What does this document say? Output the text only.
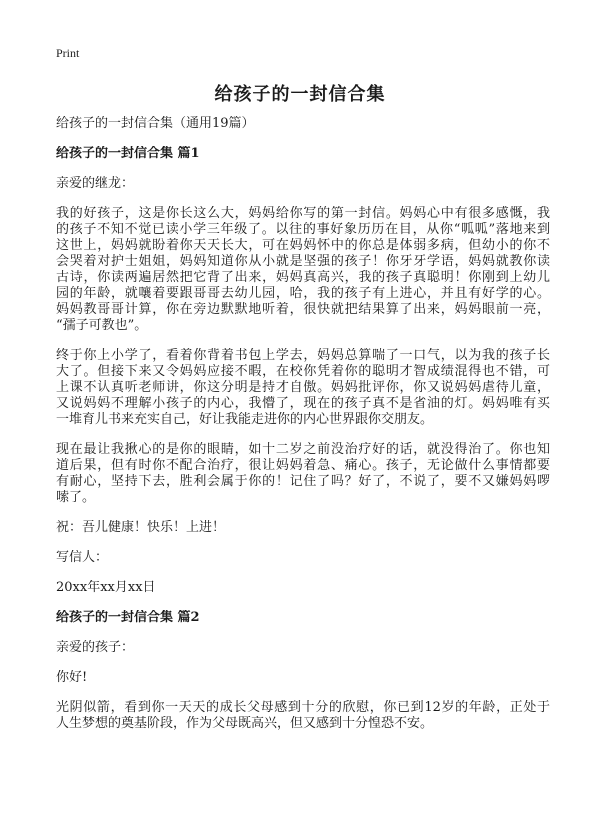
Print
给孩子的一封信合集

给孩子的一封信合集（通用19篇）

给孩子的一封信合集 篇1

亲爱的继龙：

我的好孩子，这是你长这么大，妈妈给你写的第一封信。妈妈心中有很多感慨，我

的孩子不知不觉已读小学三年级了。以往的事好象历历在目，从你“呱呱”落地来到

这世上，妈妈就盼着你天天长大，可在妈妈怀中的你总是体弱多病，但幼小的你不

会哭着对护士姐姐，妈妈知道你从小就是坚强的孩子！你牙牙学语，妈妈就教你读

古诗，你读两遍居然把它背了出来，妈妈真高兴，我的孩子真聪明！你刚到上幼儿

园的年龄，就嚷着要跟哥哥去幼儿园，哈，我的孩子有上进心，并且有好学的心。

妈妈教哥哥计算，你在旁边默默地听着，很快就把结果算了出来，妈妈眼前一亮，

“孺子可教也”。

终于你上小学了，看着你背着书包上学去，妈妈总算喘了一口气，以为我的孩子长

大了。但接下来又令妈妈应接不暇，在校你凭着你的聪明才智成绩混得也不错，可

上课不认真听老师讲，你这分明是持才自傲。妈妈批评你，你又说妈妈虐待儿童，

又说妈妈不理解小孩子的内心，我懵了，现在的孩子真不是省油的灯。妈妈唯有买

一堆育儿书来充实自己，好让我能走进你的内心世界跟你交朋友。

现在最让我揪心的是你的眼睛，如十二岁之前没治疗好的话，就没得治了。你也知

道后果，但有时你不配合治疗，很让妈妈着急、痛心。孩子，无论做什么事情都要

有耐心，坚持下去，胜利会属于你的！记住了吗？好了，不说了，要不又嫌妈妈啰

嗦了。

祝：吾儿健康！快乐！上进！

写信人：

20xx年xx月xx日

给孩子的一封信合集 篇2

亲爱的孩子：

你好!

光阴似箭，看到你一天天的成长父母感到十分的欣慰，你已到12岁的年龄，正处于

人生梦想的奠基阶段，作为父母既高兴，但又感到十分惶恐不安。
